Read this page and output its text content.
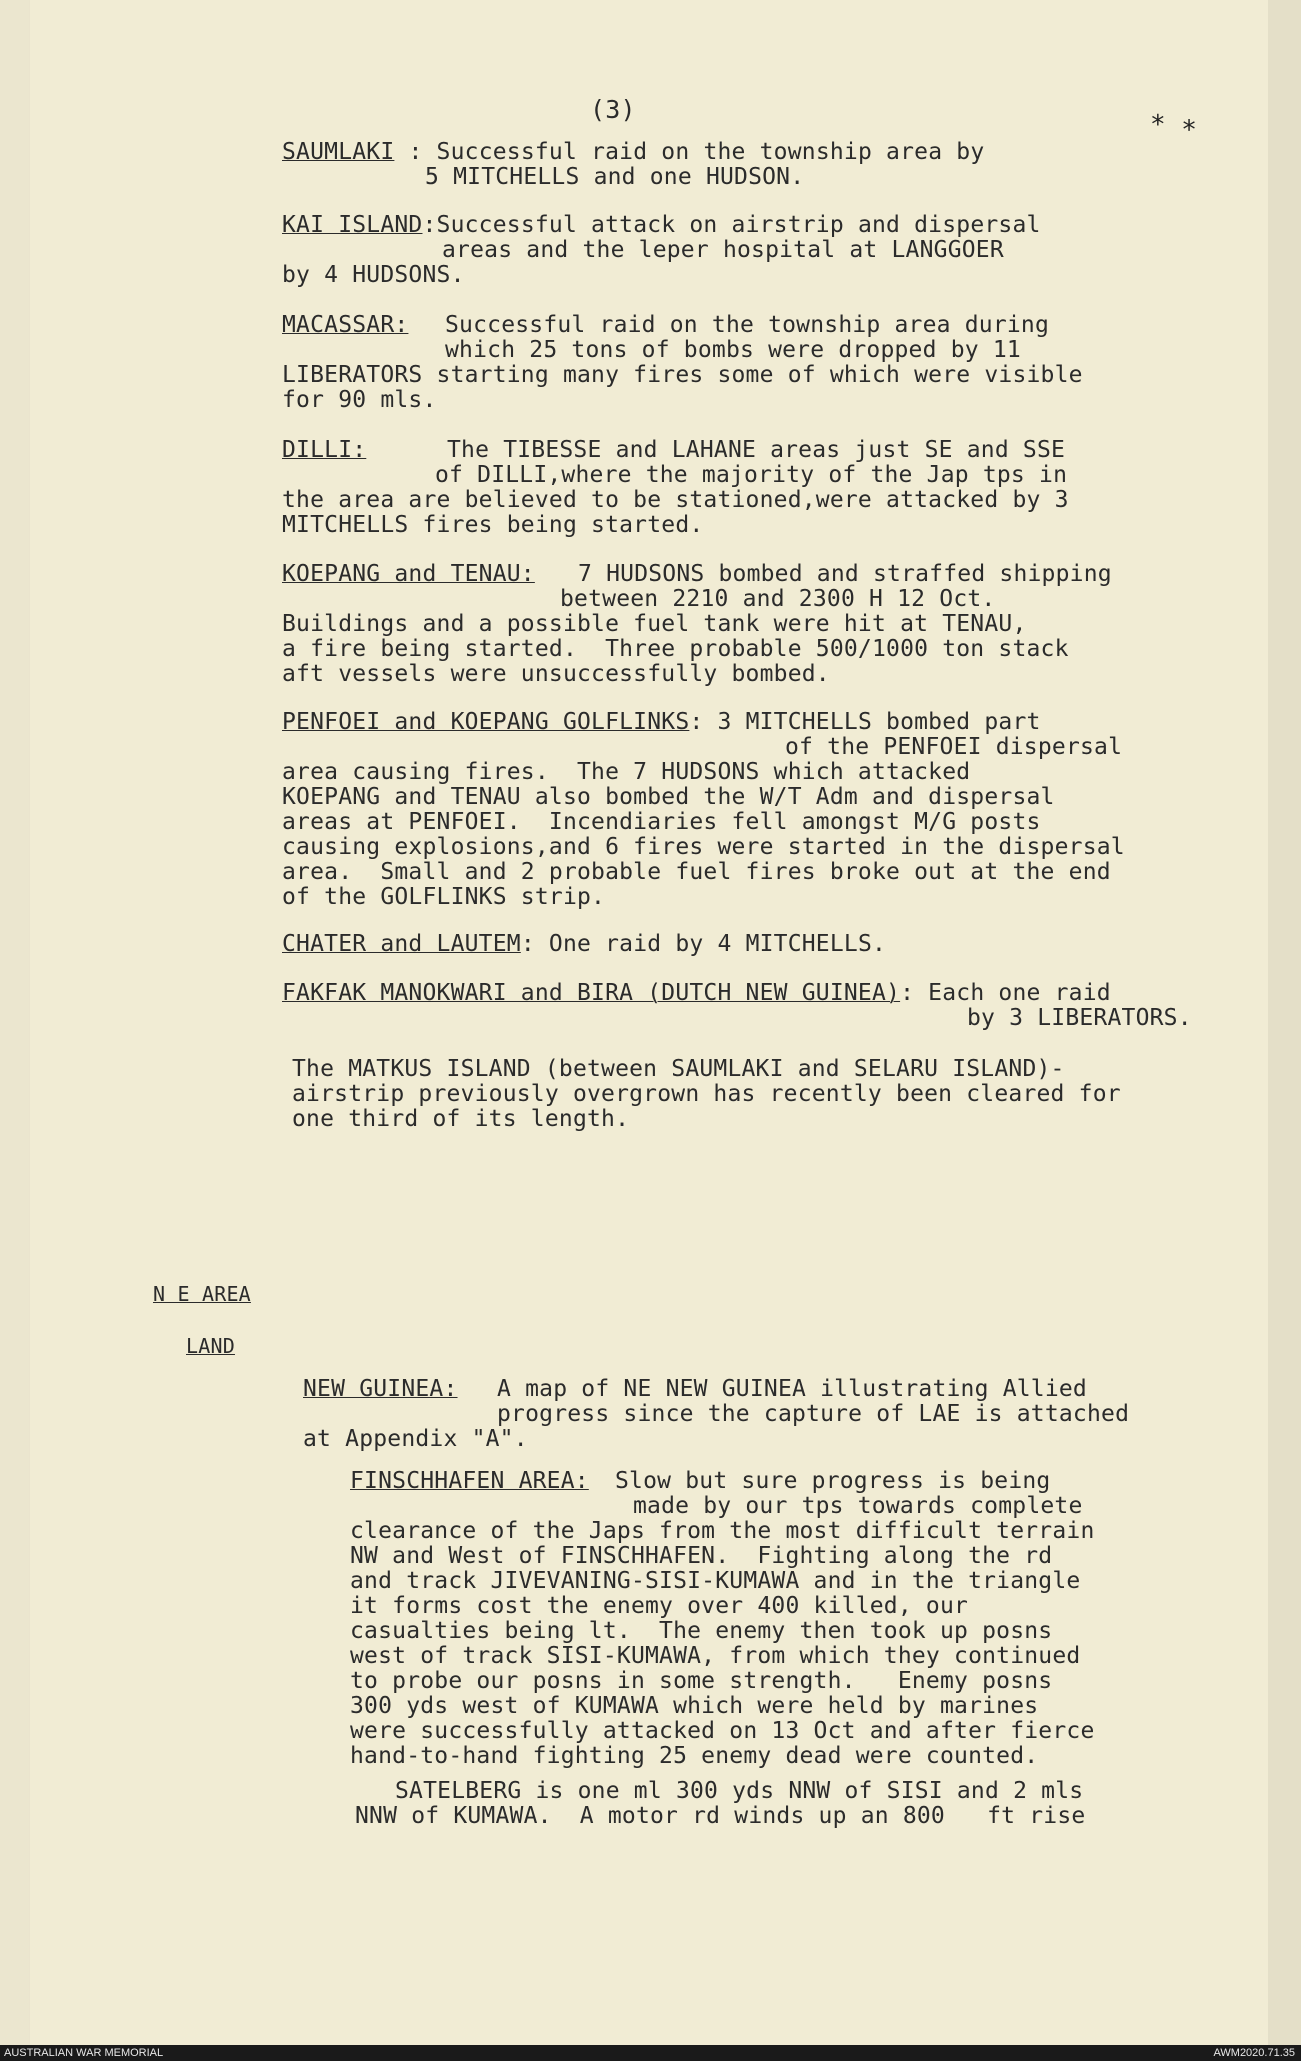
(3)
* ∗
SAUMLAKI : Successful raid on the township area by
5 MITCHELLS and one HUDSON.
KAI ISLAND:Successful attack on airstrip and dispersal
areas and the leper hospital at LANGGOER
by 4 HUDSONS.
MACASSAR: Successful raid on the township area during
which 25 tons of bombs were dropped by 11
LIBERATORS starting many fires some of which were visible
for 90 mls.
DILLI:	The TIBESSE and LAHANE areas just SE and SSE
of DILLI,where the majority of the Jap tps in
the area are believed to be stationed,were attacked by 3
MITCHELLS fires being started.
KOEPANG and TENAU: 7 HUDSONS bombed and straffed shipping
between 2210 and 2300 H 12 Oct.
Buildings and a possible fuel tank were hit at TENAU,
a fire being started.  Three probable 500/1000 ton stack
aft vessels were unsuccessfully bombed.
PENFOEI and KOEPANG GOLFLINKS: 3 MITCHELLS bombed part
of the PENFOEI dispersal
area causing fires.  The 7 HUDSONS which attacked
KOEPANG and TENAU also bombed the W/T Adm and dispersal
areas at PENFOEI.  Incendiaries fell amongst M/G posts
causing explosions,and 6 fires were started in the dispersal
area.  Small and 2 probable fuel fires broke out at the end
of the GOLFLINKS strip.
CHATER and LAUTEM: One raid by 4 MITCHELLS.
FAKFAK MANOKWARI and BIRA (DUTCH NEW GUINEA): Each one raid
by 3 LIBERATORS.
The MATKUS ISLAND (between SAUMLAKI and SELARU ISLAND)-
airstrip previously overgrown has recently been cleared for
one third of its length.
N E AREA
LAND
NEW GUINEA: A map of NE NEW GUINEA illustrating Allied
progress since the capture of LAE is attached
at Appendix "A".
FINSCHHAFEN AREA: Slow but sure progress is being
made by our tps towards complete
clearance of the Japs from the most difficult terrain
NW and West of FINSCHHAFEN.  Fighting along the rd
and track JIVEVANING-SISI-KUMAWA and in the triangle
it forms cost the enemy over 400 killed, our
casualties being lt.  The enemy then took up posns
west of track SISI-KUMAWA, from which they continued
to probe our posns in some strength.   Enemy posns
300 yds west of KUMAWA which were held by marines
were successfully attacked on 13 Oct and after fierce
hand-to-hand fighting 25 enemy dead were counted.
SATELBERG is one ml 300 yds NNW of SISI and 2 mls
NNW of KUMAWA.  A motor rd winds up an 800   ft rise
AUSTRALIAN WAR MEMORIAL	AWM2020.71.35
